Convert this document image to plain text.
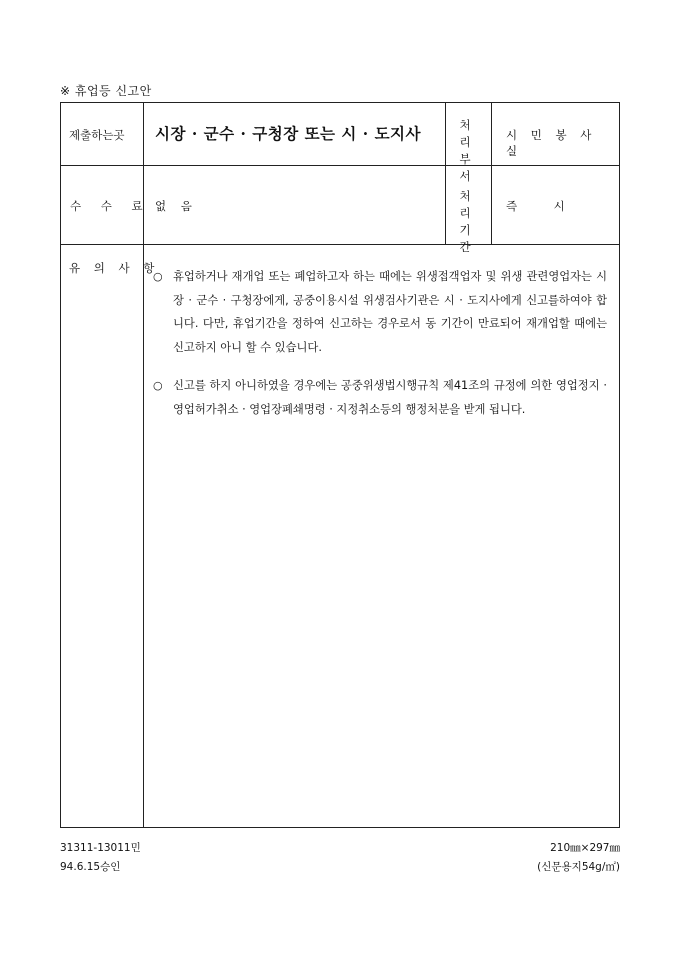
※ 휴업등 신고안
제출하는곳 시장 · 군수 · 구청장 또는 시 · 도지사	처 리
부 서
시 민 봉 사 실
수 수 료 없    음
처 리
기 간
즉          시
유 의 사 항
○ 휴업하거나 재개업 또는 폐업하고자 하는 때에는 위생접객업자 및 위생 관련영업자는 시장 · 군수 · 구청장에게, 공중이용시설 위생검사기관은 시 · 도지사에게 신고를하여야 합니다. 다만, 휴업기간을 정하여 신고하는 경우로서 동 기간이 만료되어 재개업할 때에는 신고하지 아니 할 수 있습니다.
○ 신고를 하지 아니하였을 경우에는 공중위생법시행규칙 제41조의 규정에 의한 영업정지 · 영업허가취소 · 영업장폐쇄명령 · 지정취소등의 행정처분을 받게 됩니다.
31311-13011민
94.6.15승인
210㎜×297㎜
(신문용지54g/㎡)
